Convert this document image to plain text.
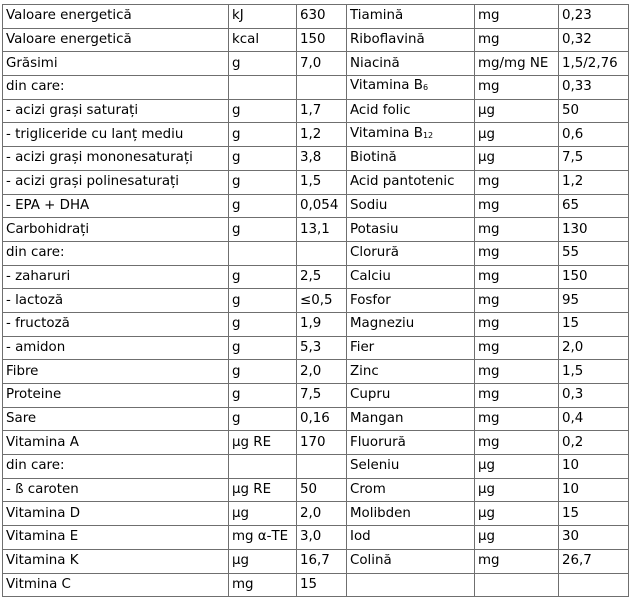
Valoare energetică	kJ	630	Tiamină	mg	0,23
Valoare energetică	kcal	150	Riboflavină	mg	0,32
Grăsimi	g	7,0	Niacină	mg/mg NE	1,5/2,76
din care:			Vitamina $B_6$	mg	0,33
- acizi grași saturați	g	1,7	Acid folic	µg	50
- trigliceride cu lanț mediu	g	1,2	Vitamina $B_{12}$	µg	0,6
- acizi grași mononesaturați	g	3,8	Biotină	µg	7,5
- acizi grași polinesaturați	g	1,5	Acid pantotenic	mg	1,2
- EPA + DHA	g	0,054	Sodiu	mg	65
Carbohidrați	g	13,1	Potasiu	mg	130
din care:			Clorură	mg	55
- zaharuri	g	2,5	Calciu	mg	150
- lactoză	g	≤0,5	Fosfor	mg	95
- fructoză	g	1,9	Magneziu	mg	15
- amidon	g	5,3	Fier	mg	2,0
Fibre	g	2,0	Zinc	mg	1,5
Proteine	g	7,5	Cupru	mg	0,3
Sare	g	0,16	Mangan	mg	0,4
Vitamina A	µg RE	170	Fluorură	mg	0,2
din care:			Seleniu	µg	10
- ß caroten	µg RE	50	Crom	µg	10
Vitamina D	µg	2,0	Molibden	µg	15
Vitamina E	mg α-TE	3,0	Iod	µg	30
Vitamina K	µg	16,7	Colină	mg	26,7
Vitmina C	mg	15			
